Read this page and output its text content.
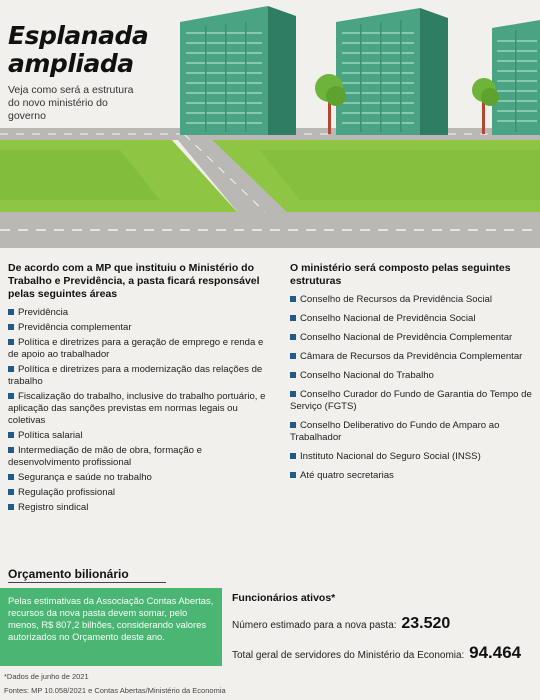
Esplanada
ampliada
Veja como será a estrutura do novo ministério do governo
De acordo com a MP que instituiu o Ministério do Trabalho e Previdência, a pasta ficará responsável pelas seguintes áreas
Previdência
Previdência complementar
Política e diretrizes para a geração de emprego e renda e de apoio ao trabalhador
Política e diretrizes para a modernização das relações de trabalho
Fiscalização do trabalho, inclusive do trabalho portuário, e aplicação das sanções previstas em normas legais ou coletivas
Política salarial
Intermediação de mão de obra, formação e desenvolvimento profissional
Segurança e saúde no trabalho
Regulação profissional
Registro sindical
O ministério será composto pelas seguintes estruturas
Conselho de Recursos da Previdência Social
Conselho Nacional de Previdência Social
Conselho Nacional de Previdência Complementar
Câmara de Recursos da Previdência Complementar
Conselho Nacional do Trabalho
Conselho Curador do Fundo de Garantia do Tempo de Serviço (FGTS)
Conselho Deliberativo do Fundo de Amparo ao Trabalhador
Instituto Nacional do Seguro Social (INSS)
Até quatro secretarias
Orçamento bilionário

Pelas estimativas da Associação Contas Abertas, recursos da nova pasta devem somar, pelo menos, R$ 807,2 bilhões, considerando valores autorizados no Orçamento deste ano.

Funcionários ativos*
Número estimado para a nova pasta: 23.520
Total geral de servidores do Ministério da Economia: 94.464
*Dados de junho de 2021
Fontes: MP 10.058/2021 e Contas Abertas/Ministério da Economia
